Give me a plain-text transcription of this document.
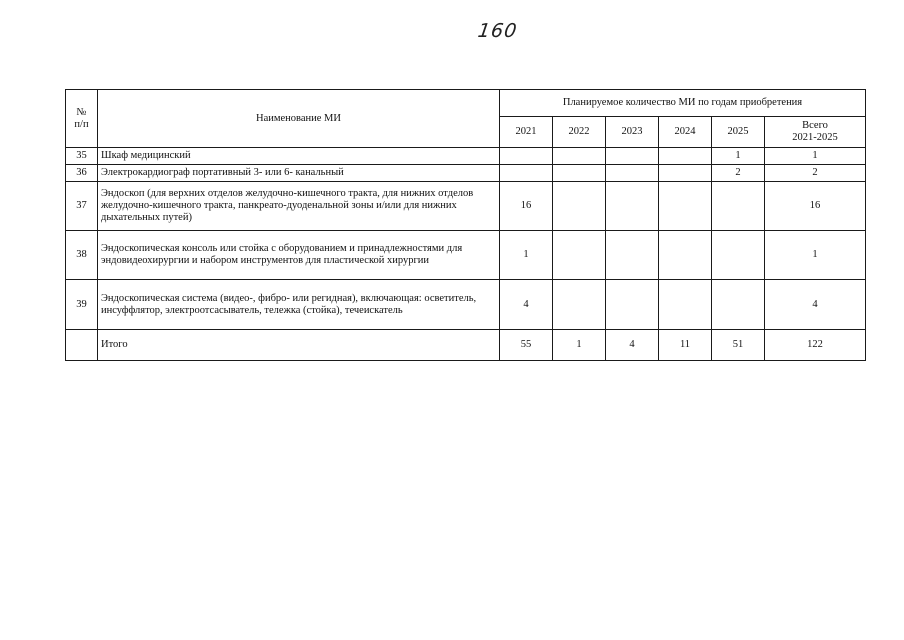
160
№
п/п	Наименование МИ	Планируемое количество МИ по годам приобретения					
		2021	2022	2023	2024	2025	Всего
2021-2025

35	Шкаф медицинский					1	1
36	Электрокардиограф портативный 3- или 6- канальный					2	2
37	Эндоскоп (для верхних отделов желудочно-кишечного тракта, для нижних отделов желудочно-кишечного тракта, панкреато-дуоденальной зоны и/или для нижних дыхательных путей)	16					16
38	Эндоскопическая консоль или стойка с оборудованием и принадлежностями для эндовидеохирургии и набором инструментов для пластической хирургии	1					1
39	Эндоскопическая система (видео-, фибро- или регидная), включающая: осветитель, инсуффлятор, электроотсасыватель, тележка (стойка), течеискатель	4					4
	Итого	55	1	4	11	51	122
